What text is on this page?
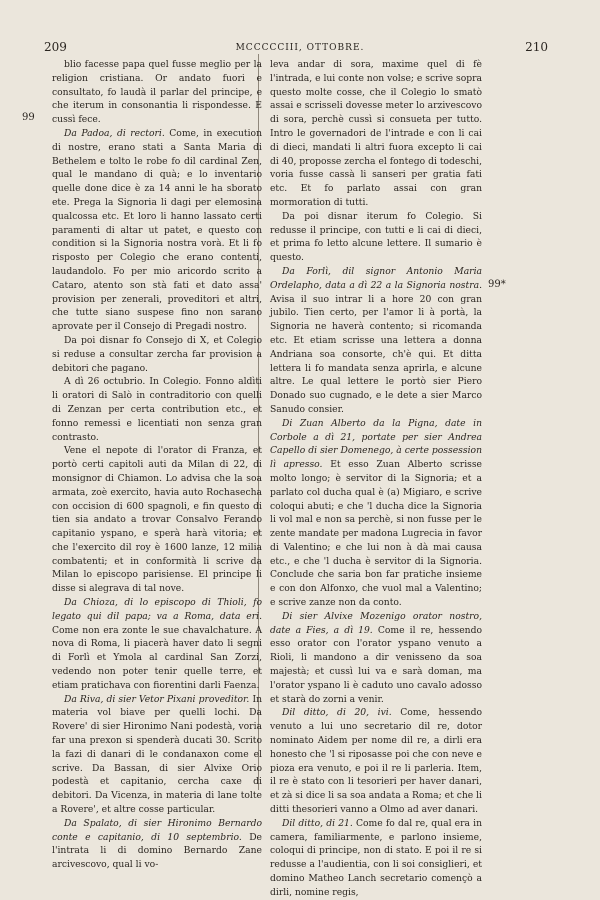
209	MCCCCCIII, OTTOBRE.	210
99
99*

blio facesse papa quel fusse meglio per la religion cristiana. Or andato fuori e consultato, fo laudà il parlar del principe, e che iterum in consonantia li rispondesse. E cussì fece.

Da Padoa, di rectori. Come, in execution di nostre, erano stati a Santa Maria di Bethelem e tolto le robe fo dil cardinal Zen, qual le mandano di quà; e lo inventario quelle done dice è za 14 anni le ha sborato ete. Prega la Signoria li dagi per elemosina qualcossa etc. Et loro li hanno lassato certi paramenti di altar ut patet, e questo con condition si la Signoria nostra vorà. Et li fo risposto per Colegio che erano contenti, laudandolo. Fo per mio aricordo scrito a Cataro, atento son stà fati et dato assa' provision per zenerali, proveditori et altri, che tutte siano suspese fino non sarano aprovate per il Consejo di Pregadi nostro.

Da poi disnar fo Consejo di X, et Colegio si reduse a consultar zercha far provision a debitori che pagano.

A dì 26 octubrio. In Colegio. Fonno aldìti li oratori di Salò in contraditorio con quelli di Zenzan per certa contribution etc., et fonno remessi e licentiati non senza gran contrasto.

Vene el nepote di l'orator di Franza, et portò certi capitoli auti da Milan di 22, di monsignor di Chiamon. Lo advisa che la soa armata, zoè exercito, havia auto Rochasecha con occision di 600 spagnoli, e fin questo di tien sia andato a trovar Consalvo Ferando capitanio yspano, e sperà harà vitoria; et che l'exercito dil roy è 1600 lanze, 12 milia combatenti; et in conformità li scrive da Milan lo episcopo parisiense. El principe li disse si alegrava di tal nove.

Da Chioza, di lo episcopo di Thioli, fo legato qui dil papa; va a Roma, data eri. Come non era zonte le sue chavalchature. A nova di Roma, li piacerà haver dato li segni di Forlì et Ymola al cardinal San Zorzi, vedendo non poter tenir quelle terre, et etiam pratichava con fiorentini darli Faenza.

Da Riva, di sier Vetor Pixani proveditor. In materia vol biave per quelli lochi. Da Rovere' di sier Hironimo Nani podestà, voria far una prexon si spenderà ducati 30. Scrito la fazi di danari di le condanaxon come el scrive. Da Bassan, di sier Alvixe Orio podestà et capitanio, cercha caxe di debitori. Da Vicenza, in materia di lane tolte a Rovere', et altre cosse particular.

Da Spalato, di sier Hironimo Bernardo conte e capitanio, di 10 septembrio. De l'intrata li di domino Bernardo Zane arcivescovo, qual li vo-

leva andar di sora, maxime quel di fè l'intrada, e lui conte non volse; e scrive sopra questo molte cosse, che il Colegio lo smatò assai e scrisseli dovesse meter lo arzivescovo di sora, perchè cussì si consueta per tutto. Intro le governadori de l'intrade e con li cai di dieci, mandati li altri fuora excepto li cai di 40, proposse zercha el fontego di todeschi, voria fusse cassà li sanseri per gratia fati etc. Et fo parlato assai con gran mormoration di tutti.

Da poi disnar iterum fo Colegio. Si redusse il principe, con tutti e li cai di dieci, et prima fo letto alcune lettere. Il sumario è questo.

Da Forlì, dil signor Antonio Maria Ordelapho, data a dì 22 a la Signoria nostra. Avisa il suo intrar li a hore 20 con gran jubilo. Tien certo, per l'amor li à portà, la Signoria ne haverà contento; si ricomanda etc. Et etiam scrisse una lettera a donna Andriana soa consorte, ch'è qui. Et ditta lettera li fo mandata senza aprirla, e alcune altre. Le qual lettere le portò sier Piero Donado suo cugnado, e le dete a sier Marco Sanudo consier.

Di Zuan Alberto da la Pigna, date in Corbole a dì 21, portate per sier Andrea Capello di sier Domenego, à certe possession lì apresso. Et esso Zuan Alberto scrisse molto longo; è servitor di la Signoria; et a parlato col ducha qual è (a) Migiaro, e scrive coloqui abuti; e che 'l ducha dice la Signoria li vol mal e non sa perchè, si non fusse per le zente mandate per madona Lugrecia in favor di Valentino; e che lui non à dà mai causa etc., e che 'l ducha è servitor di la Signoria. Conclude che saria bon far pratiche insieme e con don Alfonxo, che vuol mal a Valentino; e scrive zanze non da conto.

Di sier Alvixe Mozenigo orator nostro, date a Fies, a dì 19. Come il re, hessendo esso orator con l'orator yspano venuto a Rioli, li mandono a dir venisseno da soa majestà; et cussì lui va e sarà doman, ma l'orator yspano li è caduto uno cavalo adosso et starà do zorni a venir.

Dil ditto, di 20, ivi. Come, hessendo venuto a lui uno secretario dil re, dotor nominato Aidem per nome dil re, a dirli era honesto che 'l si riposasse poi che con neve e pioza era venuto, e poi il re li parleria. Item, il re è stato con li tesorieri per haver danari, et zà si dice li sa soa andata a Roma; et che li ditti thesorieri vanno a Olmo ad aver danari.

Dil ditto, di 21. Come fo dal re, qual era in camera, familiarmente, e parlono insieme, coloqui di principe, non di stato. E poi il re si redusse a l'audientia, con li soi consiglieri, et domino Matheo Lanch secretario començò a dirli, nomine regis,
